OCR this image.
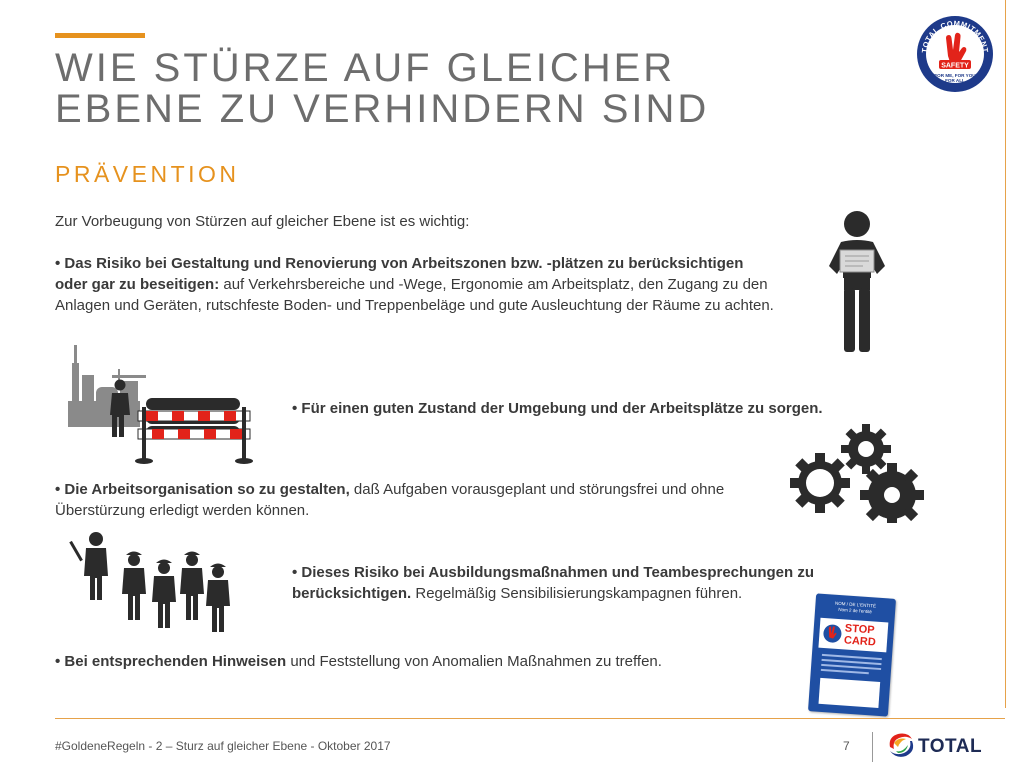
WIE STÜRZE AUF GLEICHER
EBENE ZU VERHINDERN SIND
PRÄVENTION
TOTAL COMMITMENT
SAFETY
FOR ME, FOR YOU
FOR ALL
Zur Vorbeugung von Stürzen auf gleicher Ebene ist es wichtig:
• Das Risiko bei Gestaltung und Renovierung von Arbeitszonen bzw. -plätzen zu berücksichtigen oder gar zu beseitigen: auf Verkehrsbereiche und -Wege, Ergonomie am Arbeitsplatz, den Zugang zu den Anlagen und Geräten, rutschfeste Boden- und Treppenbeläge und gute Ausleuchtung der Räume zu achten.
• Für einen guten Zustand der Umgebung und der Arbeitsplätze zu sorgen.
• Die Arbeitsorganisation so zu gestalten, daß Aufgaben vorausgeplant und störungsfrei und ohne Überstürzung erledigt werden können.
• Dieses Risiko bei Ausbildungsmaßnahmen und Teambesprechungen zu berücksichtigen. Regelmäßig Sensibilisierungskampagnen führen.
• Bei entsprechenden Hinweisen und Feststellung von Anomalien Maßnahmen zu treffen.
NOM / DE L'ENTITÉ
Nom 2 de l'entité
STOP
CARD
#GoldeneRegeln - 2 – Sturz auf gleicher Ebene - Oktober 2017	7	TOTAL
